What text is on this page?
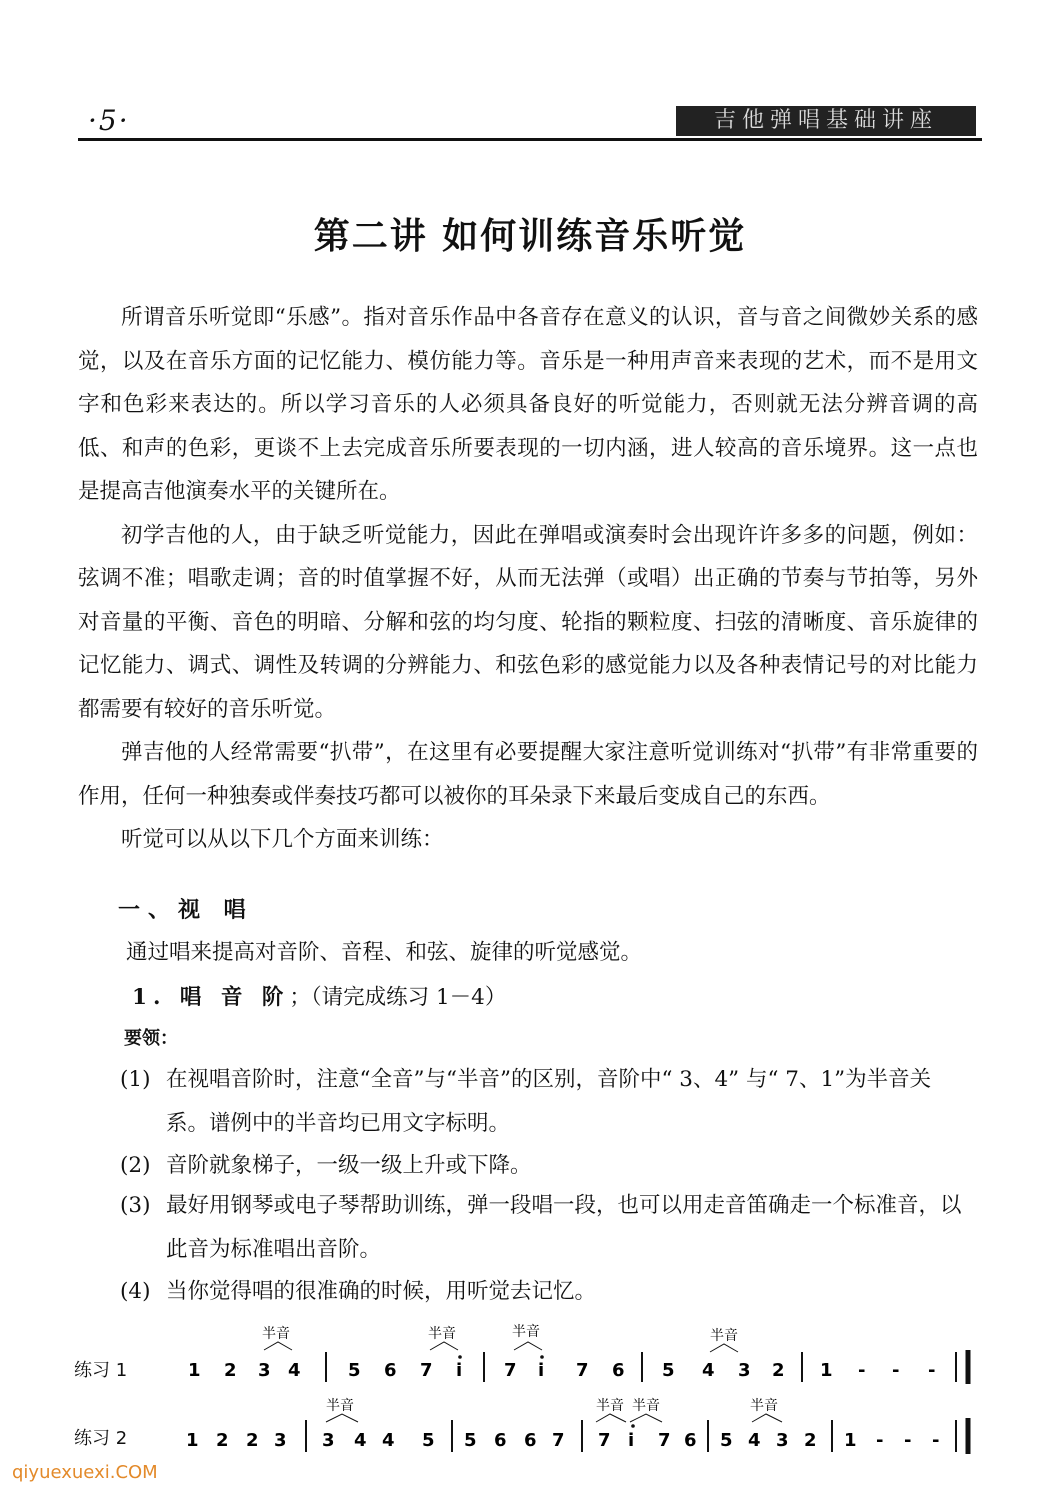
·5·	吉他弹唱基础讲座
第二讲 如何训练音乐听觉

所谓音乐听觉即“乐感”。指对音乐作品中各音存在意义的认识，音与音之间微妙关系的感觉，以及在音乐方面的记忆能力、模仿能力等。音乐是一种用声音来表现的艺术，而不是用文字和色彩来表达的。所以学习音乐的人必须具备良好的听觉能力，否则就无法分辨音调的高低、和声的色彩，更谈不上去完成音乐所要表现的一切内涵，进人较高的音乐境界。这一点也是提高吉他演奏水平的关键所在。

初学吉他的人，由于缺乏听觉能力，因此在弹唱或演奏时会出现许许多多的问题，例如：弦调不准；唱歌走调；音的时值掌握不好，从而无法弹（或唱）出正确的节奏与节拍等，另外对音量的平衡、音色的明暗、分解和弦的均匀度、轮指的颗粒度、扫弦的清晰度、音乐旋律的记忆能力、调式、调性及转调的分辨能力、和弦色彩的感觉能力以及各种表情记号的对比能力都需要有较好的音乐听觉。

弹吉他的人经常需要“扒带”，在这里有必要提醒大家注意听觉训练对“扒带”有非常重要的作用，任何一种独奏或伴奏技巧都可以被你的耳朵录下来最后变成自己的东西。

听觉可以从以下几个方面来训练：

一、视 唱
通过唱来提高对音阶、音程、和弦、旋律的听觉感觉。
1. 唱 音 阶；（请完成练习 1－4）
要领：
(1) 在视唱音阶时，注意“全音”与“半音”的区别，音阶中“ 3、4” 与“ 7、1”为半音关系。谱例中的半音均已用文字标明。
(2) 音阶就象梯子，一级一级上升或下降。
(3) 最好用钢琴或电子琴帮助训练，弹一段唱一段，也可以用走音笛确走一个标准音，以此音为标准唱出音阶。
(4) 当你觉得唱的很准确的时候，用听觉去记忆。
练习 1	1 2 3 4	5 6 7 i 7 i 7 6 5 4 3 2 1 - - -
半音	半音	半音	半音
练习 2	1 2 2 3 3 4 4 5 5 6 6 7 7 i 7 6 5 4 3 2 1 - - -
半音	半音 半音	半音
qiyuexuexi.COM
